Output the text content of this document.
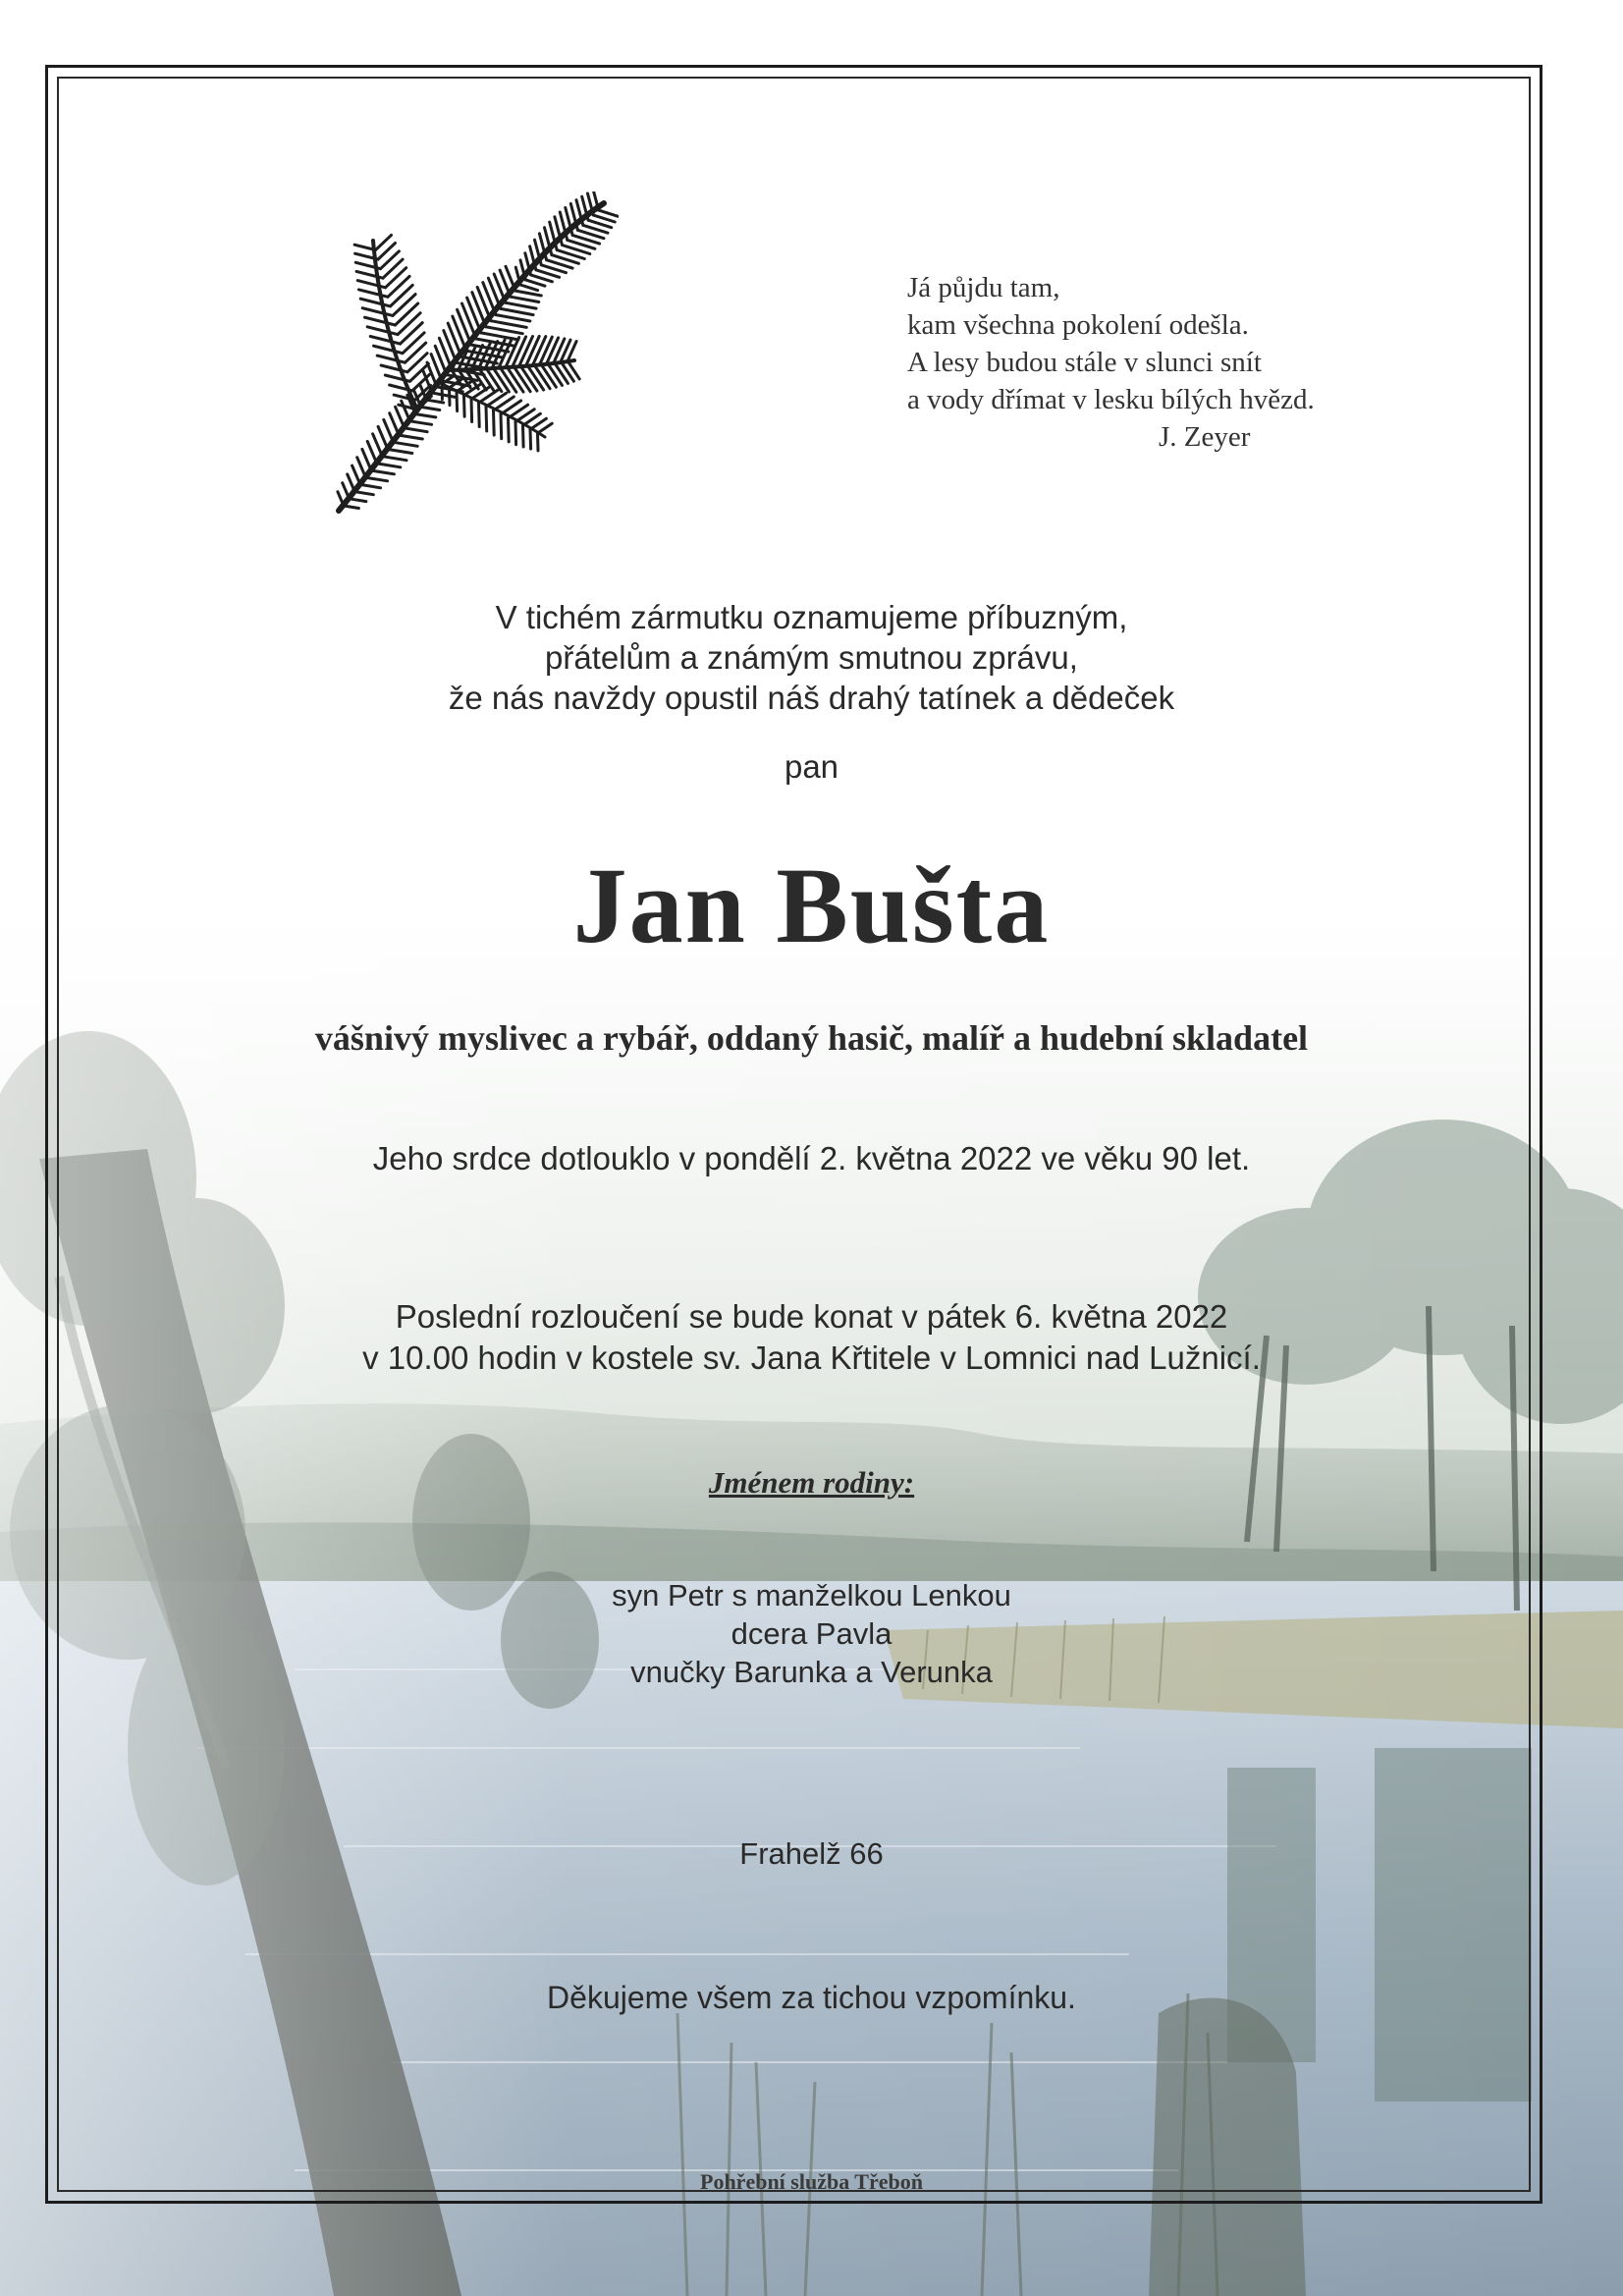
Já půjdu tam,
kam všechna pokolení odešla.
A lesy budou stále v slunci snít
a vody dřímat v lesku bílých hvězd.
J. Zeyer
V tichém zármutku oznamujeme příbuzným,
přátelům a známým smutnou zprávu,
že nás navždy opustil náš drahý tatínek a dědeček
pan
Jan Bušta
vášnivý myslivec a rybář, oddaný hasič, malíř a hudební skladatel
Jeho srdce dotlouklo v pondělí 2. května 2022 ve věku 90 let.
Poslední rozloučení se bude konat v pátek 6. května 2022
v 10.00 hodin v kostele sv. Jana Křtitele v Lomnici nad Lužnicí.
Jménem rodiny:
syn Petr s manželkou Lenkou
dcera Pavla
vnučky Barunka a Verunka
Frahelž 66
Děkujeme všem za tichou vzpomínku.
Pohřební služba Třeboň
